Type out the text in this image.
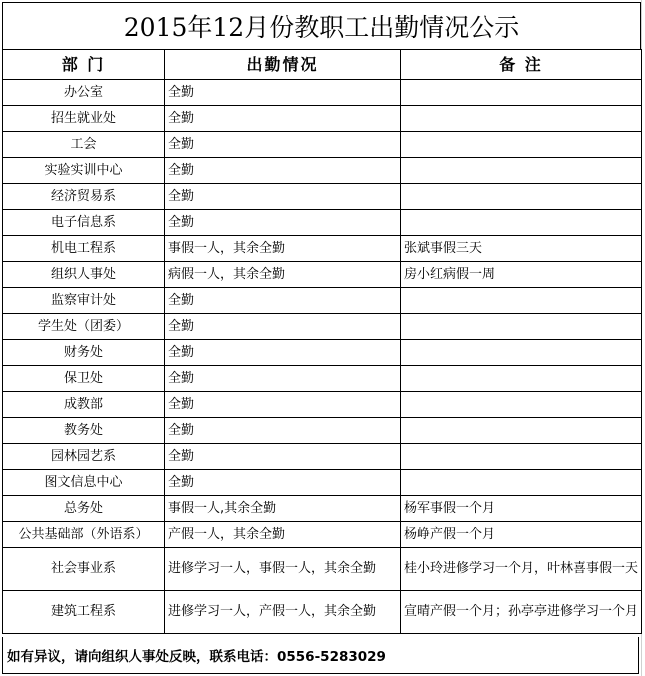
2015年12月份教职工出勤情况公示
部 门	出勤情况	备 注
办公室	全勤	
招生就业处	全勤	
工会	全勤	
实验实训中心	全勤	
经济贸易系	全勤	
电子信息系	全勤	
机电工程系	事假一人，其余全勤	张斌事假三天
组织人事处	病假一人，其余全勤	房小红病假一周
监察审计处	全勤	
学生处（团委）	全勤	
财务处	全勤	
保卫处	全勤	
成教部	全勤	
教务处	全勤	
园林园艺系	全勤	
图文信息中心	全勤	
总务处	事假一人,其余全勤	杨军事假一个月
公共基础部（外语系）	产假一人，其余全勤	杨峥产假一个月
社会事业系	进修学习一人，事假一人，其余全勤	桂小玲进修学习一个月，叶林喜事假一天
建筑工程系	进修学习一人，产假一人，其余全勤	宣晴产假一个月；孙亭亭进修学习一个月
如有异议，请向组织人事处反映，联系电话：0556-5283029
